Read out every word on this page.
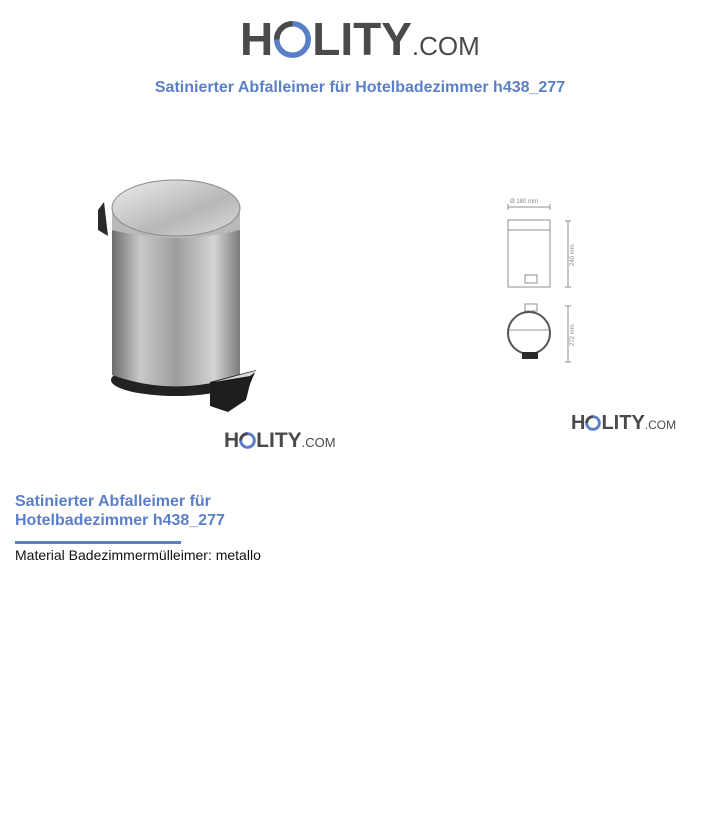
H LITY.COM
Satinierter Abfalleimer für Hotelbadezimmer h438_277
H LITY.COM
Ø 180 mm
240 mm
272 mm
H LITY.COM
Satinierter Abfalleimer für
Hotelbadezimmer h438_277
Material Badezimmermülleimer: metallo
